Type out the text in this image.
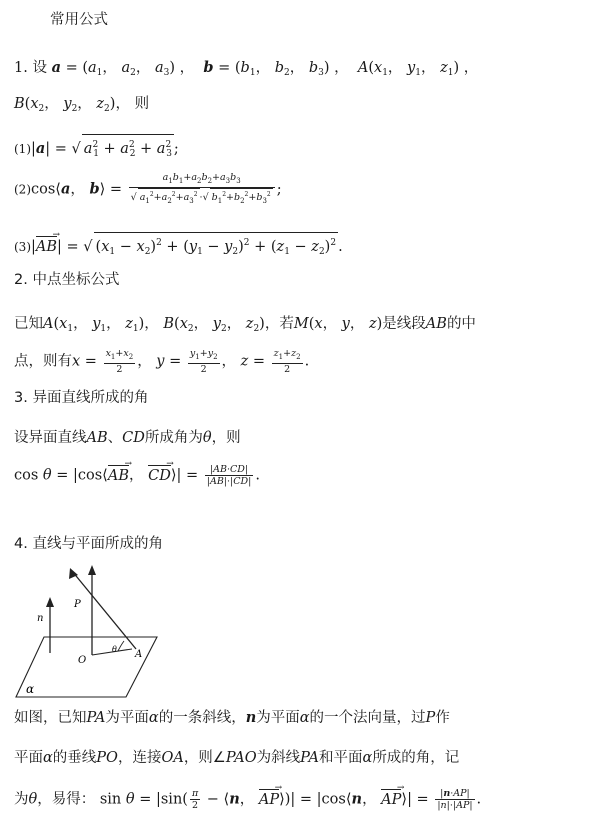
常用公式
1. 设 $a = (a_1$， $a_2$， $a_3$) ，  $b = (b_1$， $b_2$， $b_3$) ，  $A(x_1$， $y_1$， $z_1$) ，
$B(x_2$， $y_2$， $z_2$)， 则
(1)|a| = √ $a^2_1 + a^2_2 + a^2_3$ ;
(2)cos⟨a， b⟩ = $\frac{a_1b_1+a_2b_2+a_3b_3}{√ a_1^2+a_2^2+a_3^2 \cdot√ b_1^2+b_2^2+b_3^2}$ ;
(3)|AB →| = √ $(x_1 - x_2)^2 + (y_1 - y_2)^2 + (z_1 - z_2)^2$ .
2. 中点坐标公式
已知$A(x_1$， $y_1$， $z_1$)， $B(x_2$， $y_2$， $z_2$)，若M(x， y， z)是线段AB的中
点，则有$x = \frac{x_1+x_2}{2}$ ， $y = \frac{y_1+y_2}{2}$ ， $z = \frac{z_1+z_2}{2}$ .
3. 异面直线所成的角
设异面直线AB、CD所成角为θ，则
cos θ = |cos⟨AB →， CD →⟩| = $\frac{|AB\cdot CD|}{|AB|\cdot|CD|}$ .
4. 直线与平面所成的角
n
P
O
A
θ
α
如图，已知PA为平面α的一条斜线，n为平面α的一个法向量，过P作
平面α的垂线PO，连接OA，则∠PAO为斜线PA和平面α所成的角，记
为θ，易得： $\sin \theta = |\sin( \frac{\pi}{2}$ − ⟨n， AP →⟩)| = |cos⟨n， AP →⟩| = $\frac{|n\cdot AP|}{|n|\cdot|AP|}$ .
